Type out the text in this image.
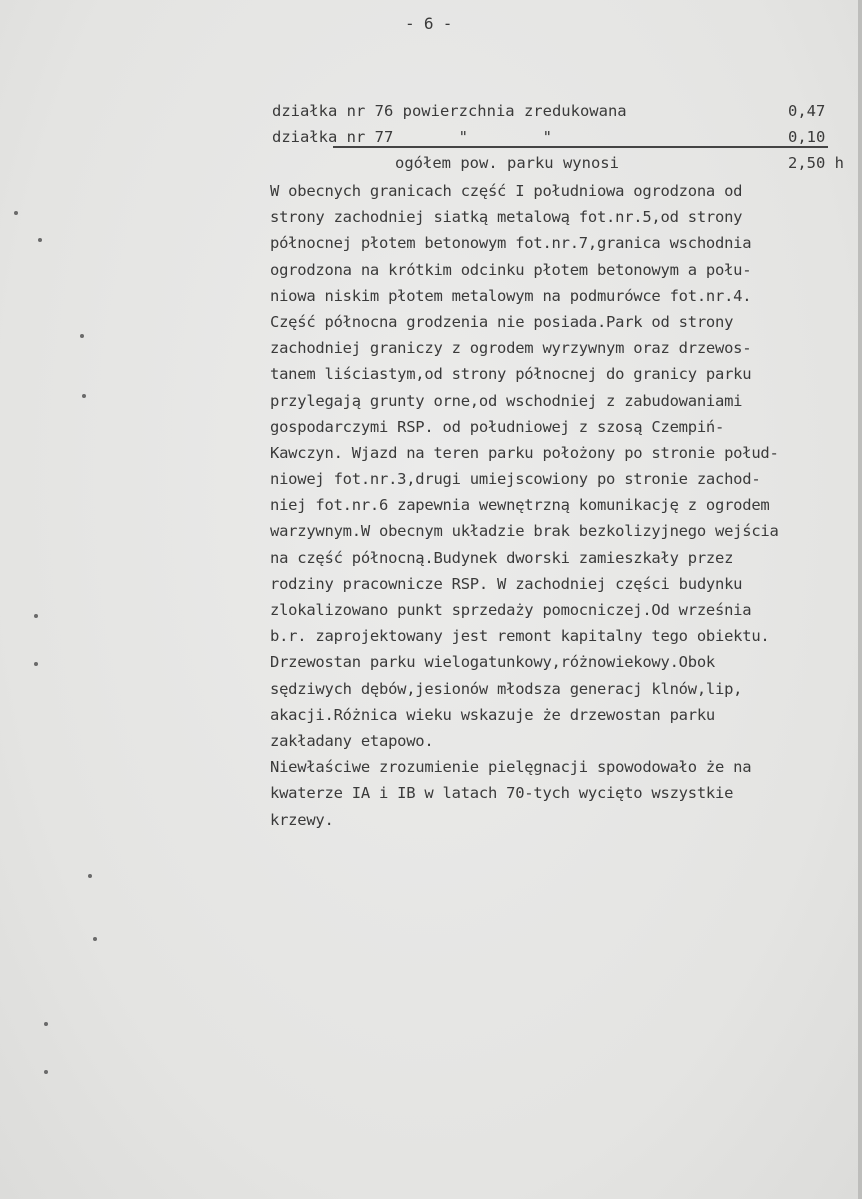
- 6 -
działka nr 76 powierzchnia zredukowana	0,47
działka nr 77       "        "	0,10
ogółem pow. parku wynosi	2,50 h
W obecnych granicach część I południowa ogrodzona od
strony zachodniej siatką metalową fot.nr.5,od strony
północnej płotem betonowym fot.nr.7,granica wschodnia
ogrodzona na krótkim odcinku płotem betonowym a połu-
niowa niskim płotem metalowym na podmurówce fot.nr.4.
Część północna grodzenia nie posiada.Park od strony
zachodniej graniczy z ogrodem wyrzywnym oraz drzewos-
tanem liściastym,od strony północnej do granicy parku
przylegają grunty orne,od wschodniej z zabudowaniami
gospodarczymi RSP. od południowej z szosą Czempiń-
Kawczyn. Wjazd na teren parku położony po stronie połud-
niowej fot.nr.3,drugi umiejscowiony po stronie zachod-
niej fot.nr.6 zapewnia wewnętrzną komunikację z ogrodem
warzywnym.W obecnym układzie brak bezkolizyjnego wejścia
na część północną.Budynek dworski zamieszkały przez
rodziny pracownicze RSP. W zachodniej części budynku
zlokalizowano punkt sprzedaży pomocniczej.Od września
b.r. zaprojektowany jest remont kapitalny tego obiektu.
Drzewostan parku wielogatunkowy,różnowiekowy.Obok
sędziwych dębów,jesionów młodsza generacj klnów,lip,
akacji.Różnica wieku wskazuje że drzewostan parku
zakładany etapowo.
Niewłaściwe zrozumienie pielęgnacji spowodowało że na
kwaterze IA i IB w latach 70-tych wycięto wszystkie
krzewy.
